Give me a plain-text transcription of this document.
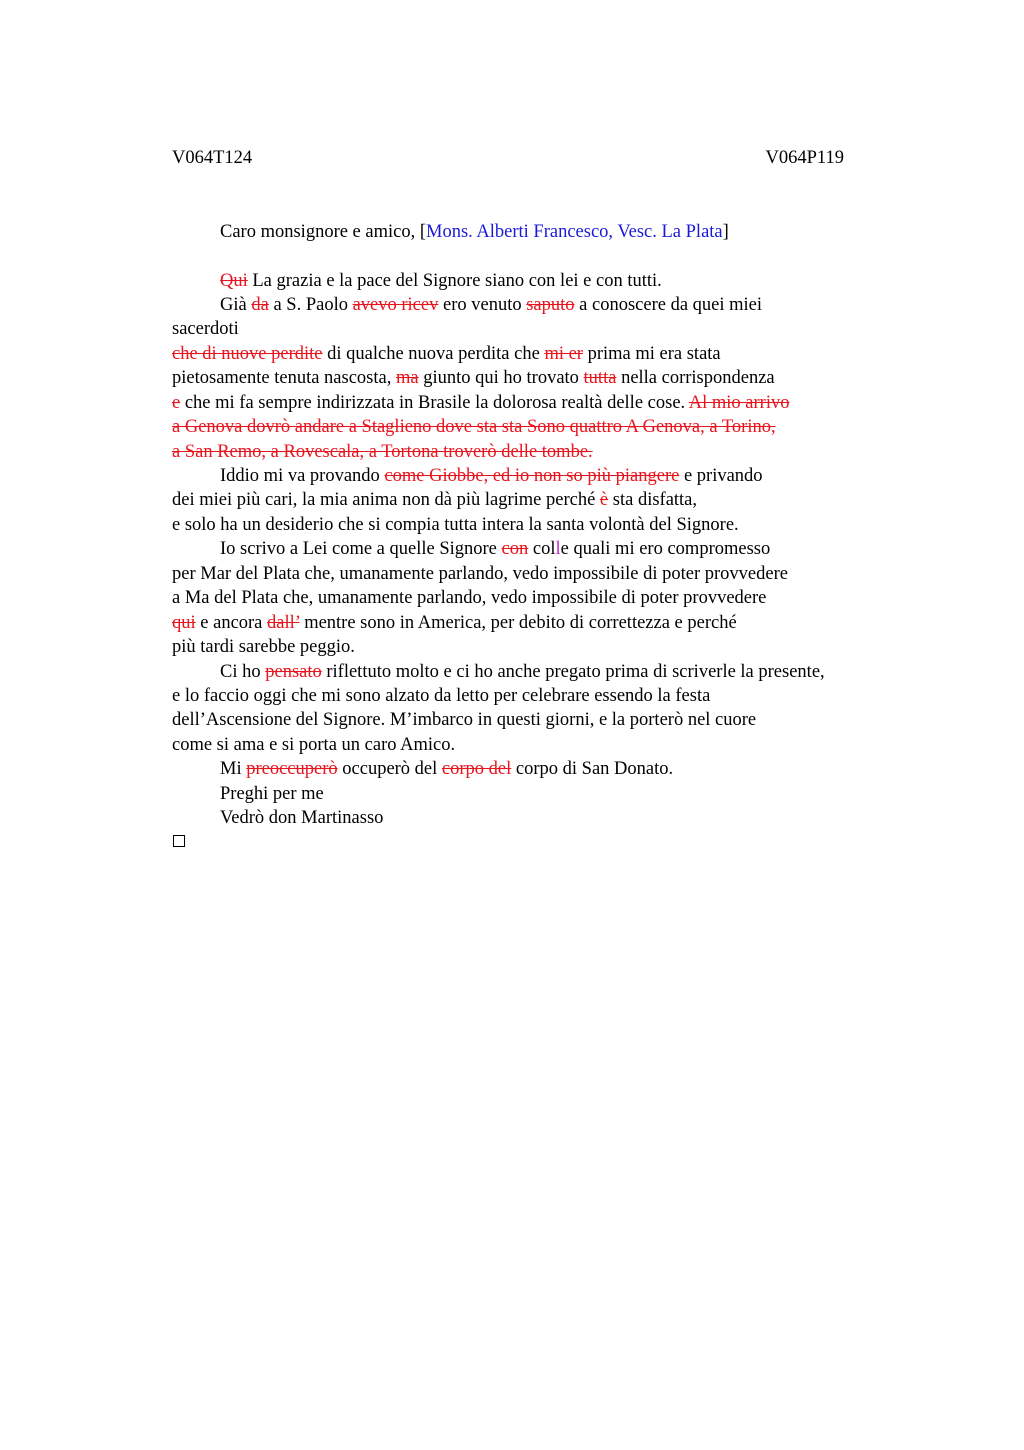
V064T124	V064P119
Caro monsignore e amico, [Mons. Alberti Francesco, Vesc. La Plata]
Qui La grazia e la pace del Signore siano con lei e con tutti.
Già da a S. Paolo avevo ricev ero venuto saputo a conoscere da quei miei
sacerdoti
che di nuove perdite di qualche nuova perdita che mi er prima mi era stata
pietosamente tenuta nascosta, ma giunto qui ho trovato tutta nella corrispondenza
e che mi fa sempre indirizzata in Brasile la dolorosa realtà delle cose. Al mio arrivo
a Genova dovrò andare a Staglieno dove sta sta Sono quattro A Genova, a Torino,
a San Remo, a Rovescala, a Tortona troverò delle tombe.
Iddio mi va provando come Giobbe, ed io non so più piangere e privando
dei miei più cari, la mia anima non dà più lagrime perché è sta disfatta,
e solo ha un desiderio che si compia tutta intera la santa volontà del Signore.
Io scrivo a Lei come a quelle Signore con colle quali mi ero compromesso
per Mar del Plata che, umanamente parlando, vedo impossibile di poter provvedere
a Ma del Plata che, umanamente parlando, vedo impossibile di poter provvedere
qui e ancora dall’ mentre sono in America, per debito di correttezza e perché
più tardi sarebbe peggio.
Ci ho pensato riflettuto molto e ci ho anche pregato prima di scriverle la presente,
e lo faccio oggi che mi sono alzato da letto per celebrare essendo la festa
dell’Ascensione del Signore. M’imbarco in questi giorni, e la porterò nel cuore
come si ama e si porta un caro Amico.
Mi preoccuperò occuperò del corpo del corpo di San Donato.
Preghi per me
Vedrò don Martinasso
